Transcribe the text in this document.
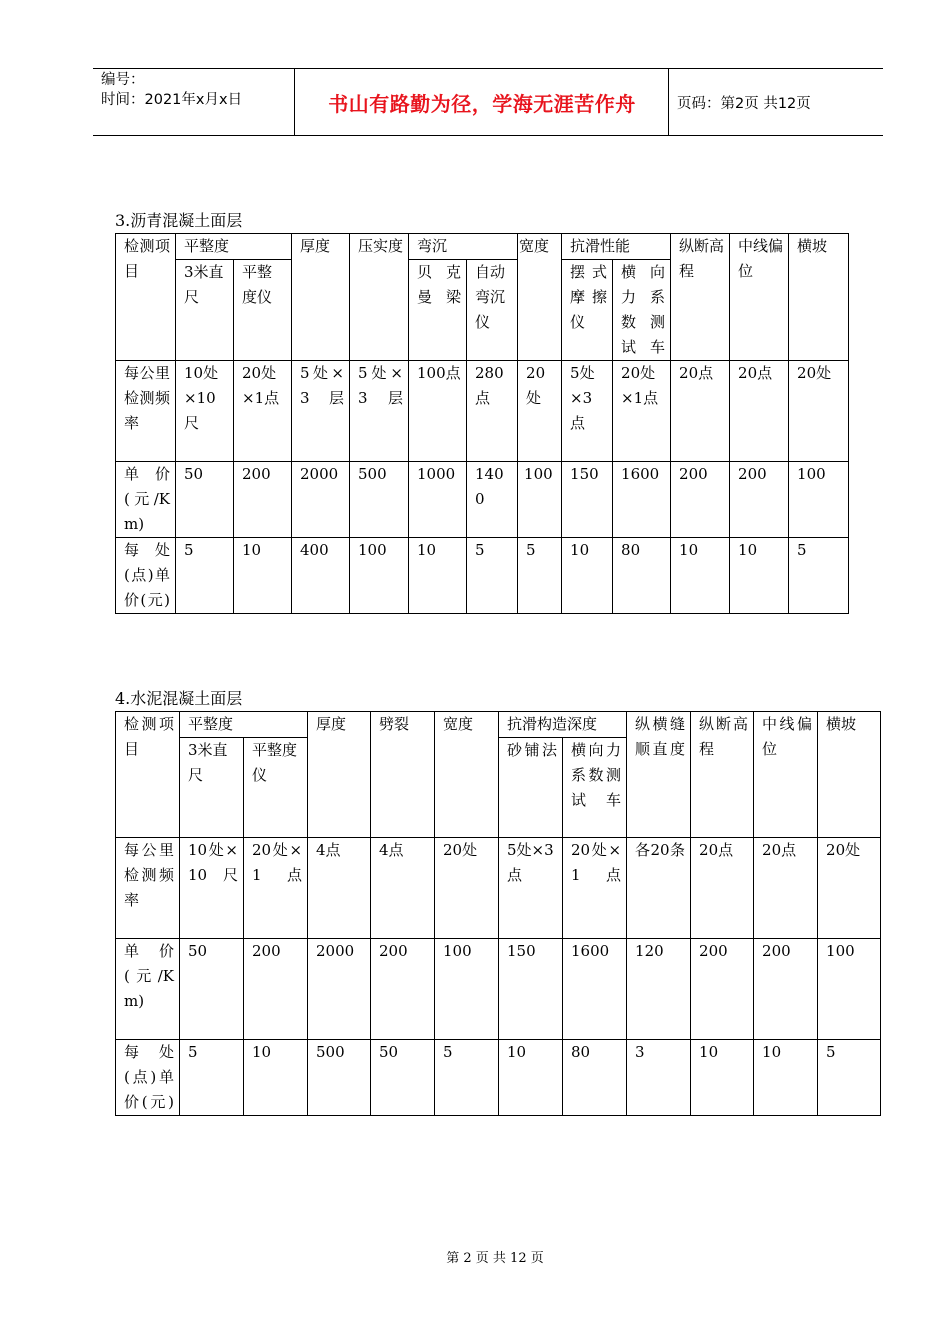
编号：
时间：2021年x月x日	书山有路勤为径，学海无涯苦作舟	页码：第2页 共12页
3.沥青混凝土面层
检测项目	平整度		厚度	压实度	弯沉		宽度	抗滑性能		纵断高程	中线偏位	横坡
	3米直尺	平整度仪			贝克曼梁	自动弯沉仪		摆式摩擦仪	横向力系数测试车			
每公里检测频率	10处×10尺	20处×1点	5处×3层	5处×3层	100点	280点	20处	5处×3点	20处×1点	20点	20点	20处
单价(元/Km)	50	200	2000	500	1000	1400	100	150	1600	200	200	100
每处(点)单价(元)	5	10	400	100	10	5	5	10	80	10	10	5
4.水泥混凝土面层
检测项目	平整度		厚度	劈裂	宽度	抗滑构造深度		纵横缝顺直度	纵断高程	中线偏位	横坡
	3米直尺	平整度仪				砂铺法	横向力系数测试车				
每公里检测频率	10处×10尺	20处×1点	4点	4点	20处	5处×3点	20处×1点	各20条	20点	20点	20处
单价(元/Km)	50	200	2000	200	100	150	1600	120	200	200	100
每处(点)单价(元)	5	10	500	50	5	10	80	3	10	10	5
第 2 页 共 12 页
